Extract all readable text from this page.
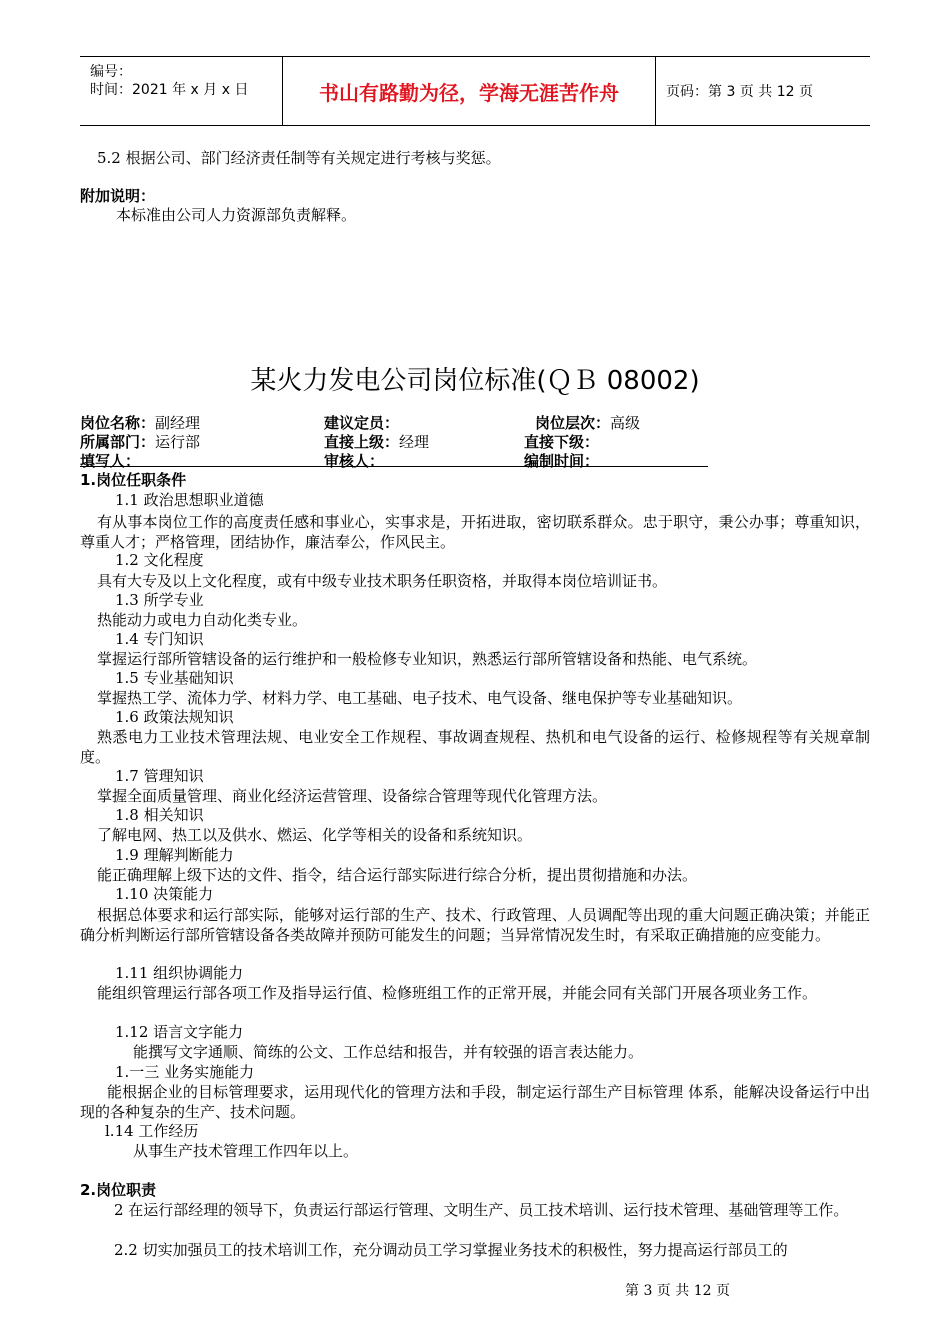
编号：
时间：2021 年 x 月 x 日	书山有路勤为径，学海无涯苦作舟	页码：第 3 页 共 12 页
5.2 根据公司、部门经济责任制等有关规定进行考核与奖惩。
附加说明：
本标准由公司人力资源部负责解释。
某火力发电公司岗位标准(ＱＢ 08002)
岗位名称：副经理	建议定员：	岗位层次：高级
所属部门：运行部	直接上级：经理	直接下级：
填写人：	审核人：	编制时间：
1.岗位任职条件
1.1 政治思想职业道德
有从事本岗位工作的高度责任感和事业心，实事求是，开拓进取，密切联系群众。忠于职守，秉公办事；尊重知识，尊重人才；严格管理，团结协作，廉洁奉公，作风民主。
1.2 文化程度
具有大专及以上文化程度，或有中级专业技术职务任职资格，并取得本岗位培训证书。
1.3 所学专业
热能动力或电力自动化类专业。
1.4 专门知识
掌握运行部所管辖设备的运行维护和一般检修专业知识，熟悉运行部所管辖设备和热能、电气系统。
1.5 专业基础知识
掌握热工学、流体力学、材料力学、电工基础、电子技术、电气设备、继电保护等专业基础知识。
1.6 政策法规知识
熟悉电力工业技术管理法规、电业安全工作规程、事故调查规程、热机和电气设备的运行、检修规程等有关规章制度。
1.7 管理知识
掌握全面质量管理、商业化经济运营管理、设备综合管理等现代化管理方法。
1.8 相关知识
了解电网、热工以及供水、燃运、化学等相关的设备和系统知识。
1.9 理解判断能力
能正确理解上级下达的文件、指令，结合运行部实际进行综合分析，提出贯彻措施和办法。
1.10 决策能力
根据总体要求和运行部实际，能够对运行部的生产、技术、行政管理、人员调配等出现的重大问题正确决策；并能正确分析判断运行部所管辖设备各类故障并预防可能发生的问题；当异常情况发生时，有采取正确措施的应变能力。
1.11 组织协调能力
能组织管理运行部各项工作及指导运行值、检修班组工作的正常开展，并能会同有关部门开展各项业务工作。
1.12 语言文字能力
能撰写文字通顺、简练的公文、工作总结和报告，并有较强的语言表达能力。
1.一三 业务实施能力
能根据企业的目标管理要求，运用现代化的管理方法和手段，制定运行部生产目标管理 体系，能解决设备运行中出现的各种复杂的生产、技术问题。
l.14 工作经历
从事生产技术管理工作四年以上。
2.岗位职责
2 在运行部经理的领导下，负责运行部运行管理、文明生产、员工技术培训、运行技术管理、基础管理等工作。
2.2 切实加强员工的技术培训工作，充分调动员工学习掌握业务技术的积极性，努力提高运行部员工的
第 3 页 共 12 页
